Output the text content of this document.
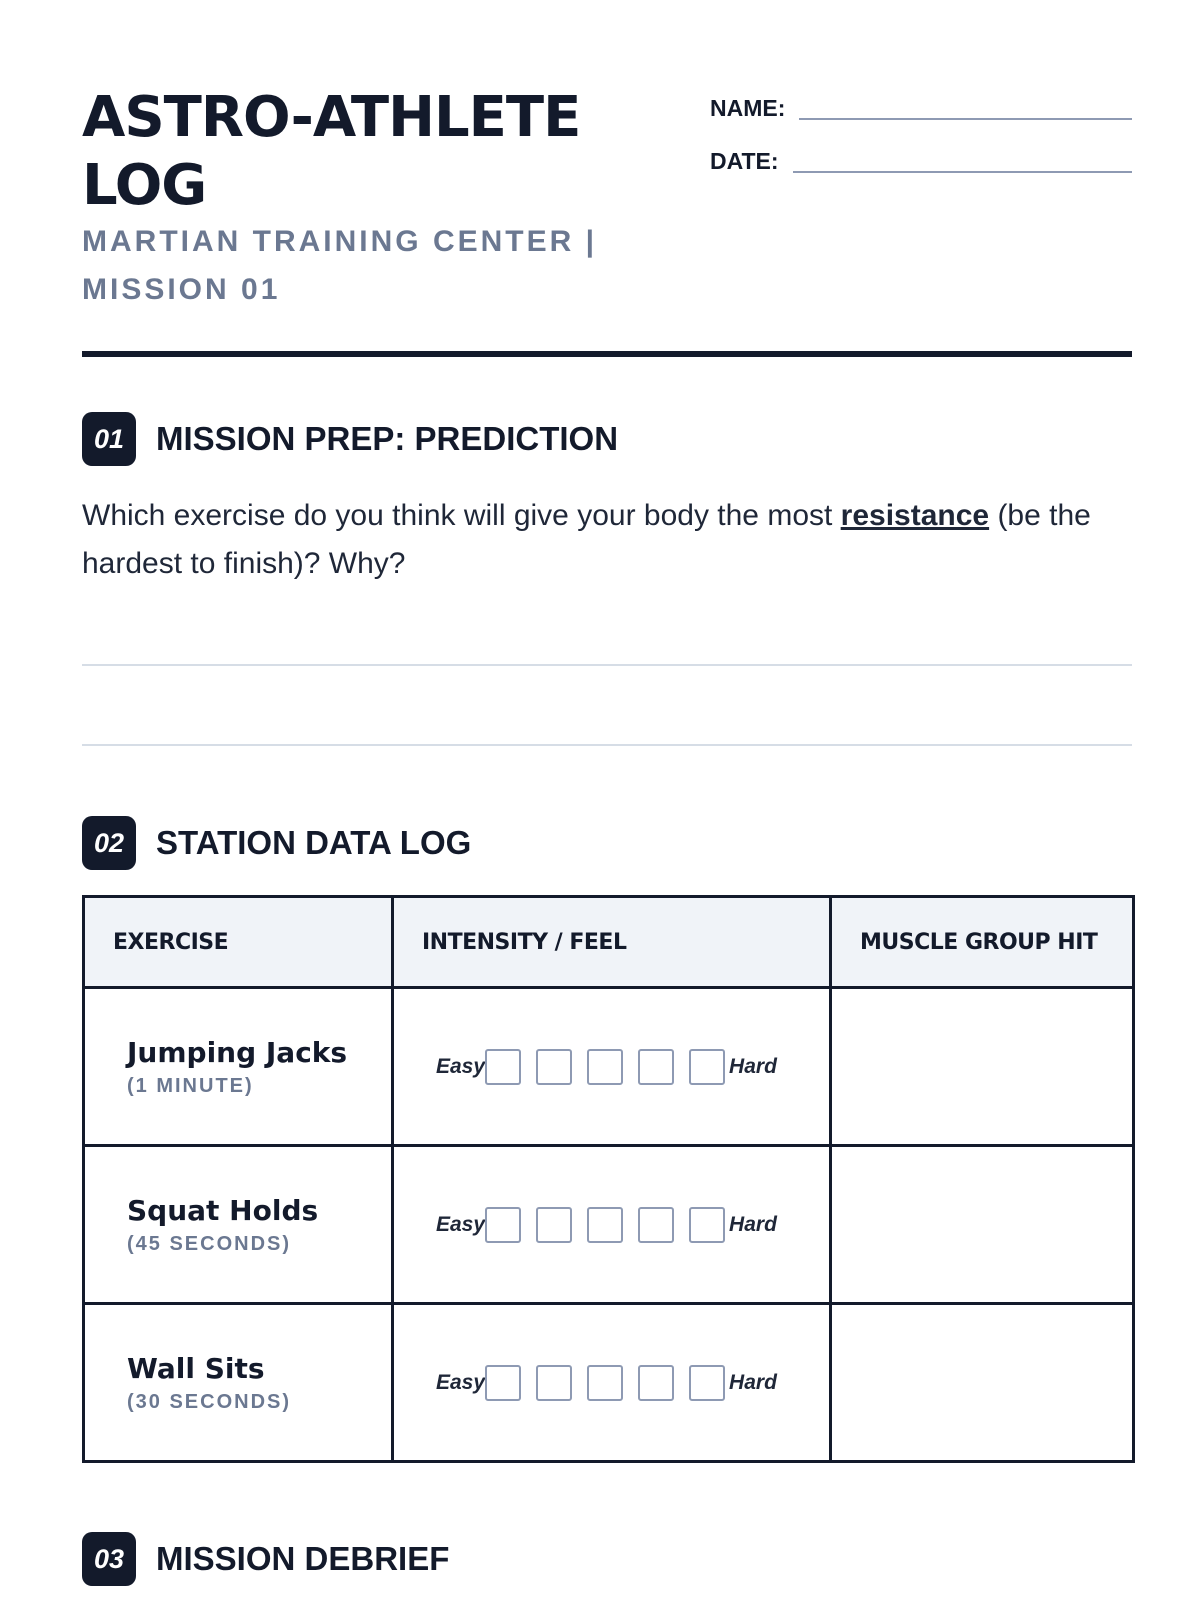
ASTRO-ATHLETE
LOG

MARTIAN TRAINING CENTER |
MISSION 01

NAME:
DATE:
01 MISSION PREP: PREDICTION

Which exercise do you think will give your body the most resistance (be the hardest to finish)? Why?

02 STATION DATA LOG
EXERCISE	INTENSITY / FEEL	MUSCLE GROUP HIT

Jumping Jacks
(1 MINUTE)	Easy Hard	

Squat Holds
(45 SECONDS)	Easy Hard	

Wall Sits
(30 SECONDS)	Easy Hard	

03 MISSION DEBRIEF
